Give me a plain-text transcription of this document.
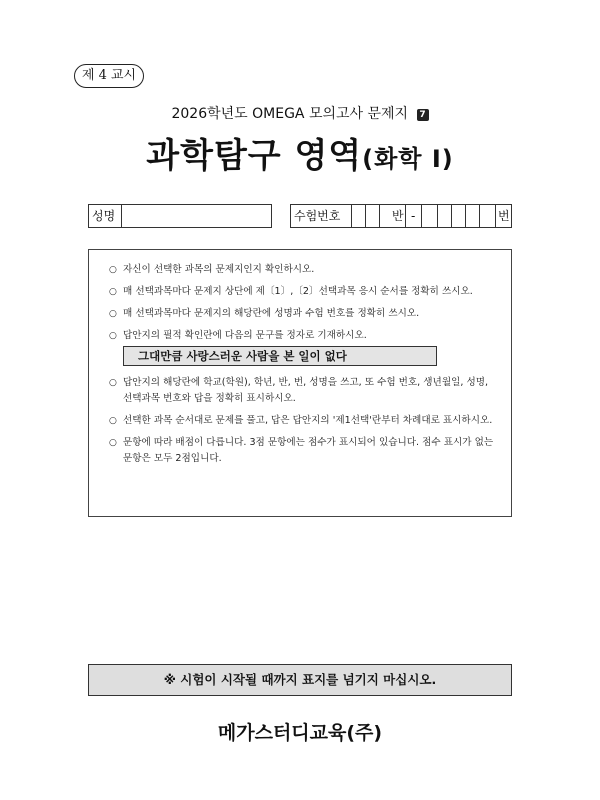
제 4 교시
2026학년도 OMEGA 모의고사 문제지 7
과학탐구 영역(화학 I)
성명	수험번호	반 -	번
○ 자신이 선택한 과목의 문제지인지 확인하시오.
○ 매 선택과목마다 문제지 상단에 제〔1〕,〔2〕선택과목 응시 순서를 정확히 쓰시오.
○ 매 선택과목마다 문제지의 해당란에 성명과 수험 번호를 정확히 쓰시오.
○ 답안지의 필적 확인란에 다음의 문구를 정자로 기재하시오.
그대만큼 사랑스러운 사람을 본 일이 없다
○ 답안지의 해당란에 학교(학원), 학년, 반, 번, 성명을 쓰고, 또 수험 번호, 생년월일, 성명, 선택과목 번호와 답을 정확히 표시하시오.
○ 선택한 과목 순서대로 문제를 풀고, 답은 답안지의 '제1선택'란부터 차례대로 표시하시오.
○ 문항에 따라 배점이 다릅니다. 3점 문항에는 점수가 표시되어 있습니다. 점수 표시가 없는 문항은 모두 2점입니다.
※ 시험이 시작될 때까지 표지를 넘기지 마십시오.
메가스터디교육(주)
